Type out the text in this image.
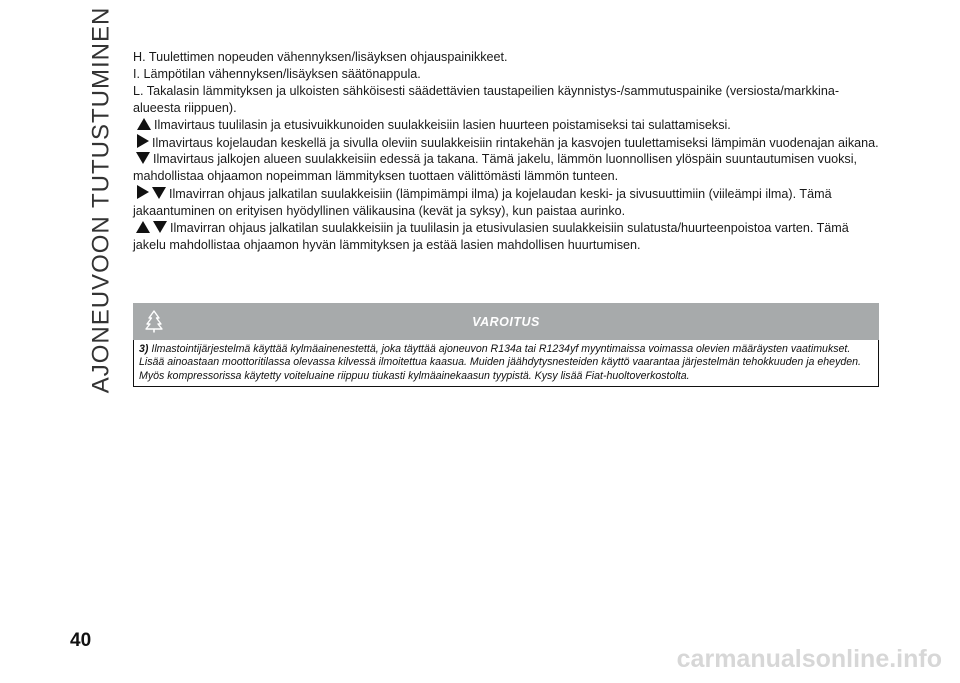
AJONEUVOON TUTUSTUMINEN H. Tuulettimen nopeuden vähennyksen/lisäyksen ohjauspainikkeet.

I. Lämpötilan vähennyksen/lisäyksen säätönappula.

L. Takalasin lämmityksen ja ulkoisten sähköisesti säädettävien taustapeilien käynnistys-/sammutuspainike (versiosta/markkina-alueesta riippuen).

Ilmavirtaus tuulilasin ja etusivuikkunoiden suulakkeisiin lasien huurteen poistamiseksi tai sulattamiseksi.

Ilmavirtaus kojelaudan keskellä ja sivulla oleviin suulakkeisiin rintakehän ja kasvojen tuulettamiseksi lämpimän vuodenajan aikana.

Ilmavirtaus jalkojen alueen suulakkeisiin edessä ja takana. Tämä jakelu, lämmön luonnollisen ylöspäin suuntautumisen vuoksi, mahdollistaa ohjaamon nopeimman lämmityksen tuottaen välittömästi lämmön tunteen.

Ilmavirran ohjaus jalkatilan suulakkeisiin (lämpimämpi ilma) ja kojelaudan keski- ja sivusuuttimiin (viileämpi ilma). Tämä jakaantuminen on erityisen hyödyllinen välikausina (kevät ja syksy), kun paistaa aurinko.

Ilmavirran ohjaus jalkatilan suulakkeisiin ja tuulilasin ja etusivulasien suulakkeisiin sulatusta/huurteenpoistoa varten. Tämä jakelu mahdollistaa ohjaamon hyvän lämmityksen ja estää lasien mahdollisen huurtumisen.

VAROITUS
3) Ilmastointijärjestelmä käyttää kylmäainenestettä, joka täyttää ajoneuvon R134a tai R1234yf myyntimaissa voimassa olevien määräysten vaatimukset. Lisää ainoastaan moottoritilassa olevassa kilvessä ilmoitettua kaasua. Muiden jäähdytysnesteiden käyttö vaarantaa järjestelmän tehokkuuden ja eheyden. Myös kompressorissa käytetty voiteluaine riippuu tiukasti kylmäainekaasun tyypistä. Kysy lisää Fiat-huoltoverkostolta.
40
carmanualsonline.info
